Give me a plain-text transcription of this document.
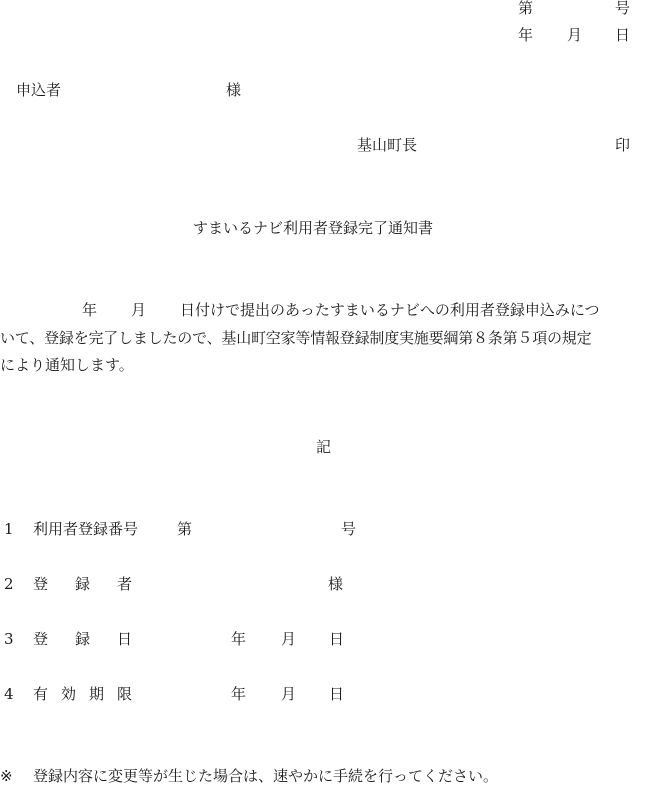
第	号
年 月 日
申込者	様
基山町長	印
すまいるナビ利用者登録完了通知書
年 月 日付けで提出のあったすまいるナビへの利用者登録申込みにつ
いて、登録を完了しましたので、基山町空家等情報登録制度実施要綱第８条第５項の規定
により通知します。
記
1 利用者登録番号	第	号
2 登 録 者	様
3 登 録 日	年 月 日
4 有 効 期 限	年 月 日
※ 登録内容に変更等が生じた場合は、速やかに手続を行ってください。
